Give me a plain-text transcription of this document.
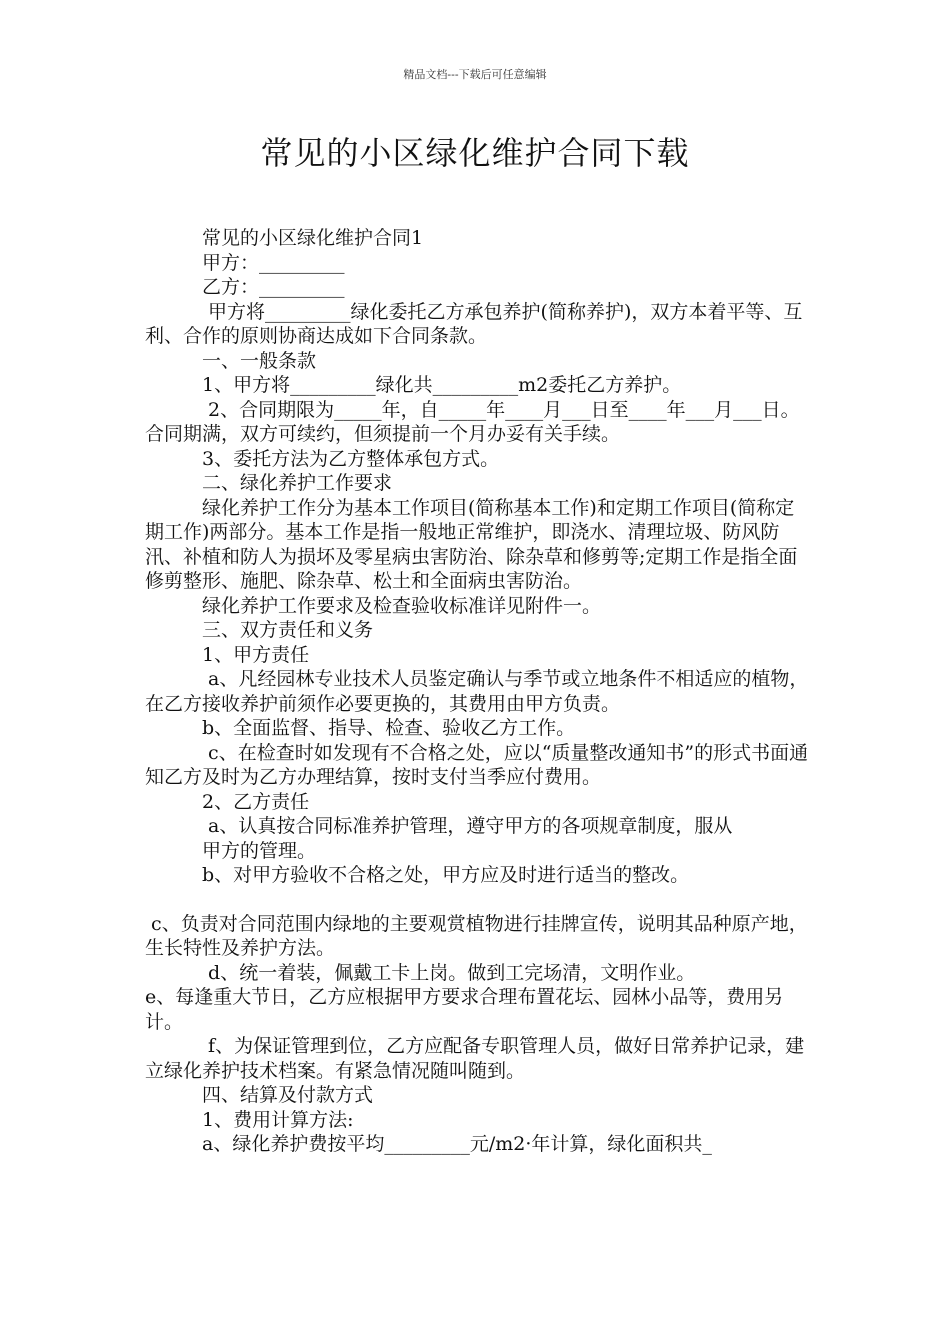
精品文档---下载后可任意编辑
常见的小区绿化维护合同下载

常见的小区绿化维护合同1

甲方：_________

乙方：_________

甲方将_________绿化委托乙方承包养护(简称养护)，双方本着平等、互利、合作的原则协商达成如下合同条款。

一、一般条款

1、甲方将_________绿化共_________m2委托乙方养护。

2、合同期限为_____年，自_____年____月___日至____年___月___日。合同期满，双方可续约，但须提前一个月办妥有关手续。

3、委托方法为乙方整体承包方式。

二、绿化养护工作要求

绿化养护工作分为基本工作项目(简称基本工作)和定期工作项目(简称定期工作)两部分。基本工作是指一般地正常维护，即浇水、清理垃圾、防风防汛、补植和防人为损坏及零星病虫害防治、除杂草和修剪等;定期工作是指全面修剪整形、施肥、除杂草、松土和全面病虫害防治。

绿化养护工作要求及检查验收标准详见附件一。

三、双方责任和义务

1、甲方责任

a、凡经园林专业技术人员鉴定确认与季节或立地条件不相适应的植物，在乙方接收养护前须作必要更换的，其费用由甲方负责。

b、全面监督、指导、检查、验收乙方工作。

c、在检查时如发现有不合格之处，应以“质量整改通知书”的形式书面通知乙方及时为乙方办理结算，按时支付当季应付费用。

2、乙方责任

a、认真按合同标准养护管理，遵守甲方的各项规章制度，服从

甲方的管理。

b、对甲方验收不合格之处，甲方应及时进行适当的整改。

c、负责对合同范围内绿地的主要观赏植物进行挂牌宣传，说明其品种原产地，生长特性及养护方法。

d、统一着装，佩戴工卡上岗。做到工完场清，文明作业。

e、每逢重大节日，乙方应根据甲方要求合理布置花坛、园林小品等，费用另计。

f、为保证管理到位，乙方应配备专职管理人员，做好日常养护记录，建立绿化养护技术档案。有紧急情况随叫随到。

四、结算及付款方式

1、费用计算方法:

a、绿化养护费按平均_________元/m2·年计算，绿化面积共_
